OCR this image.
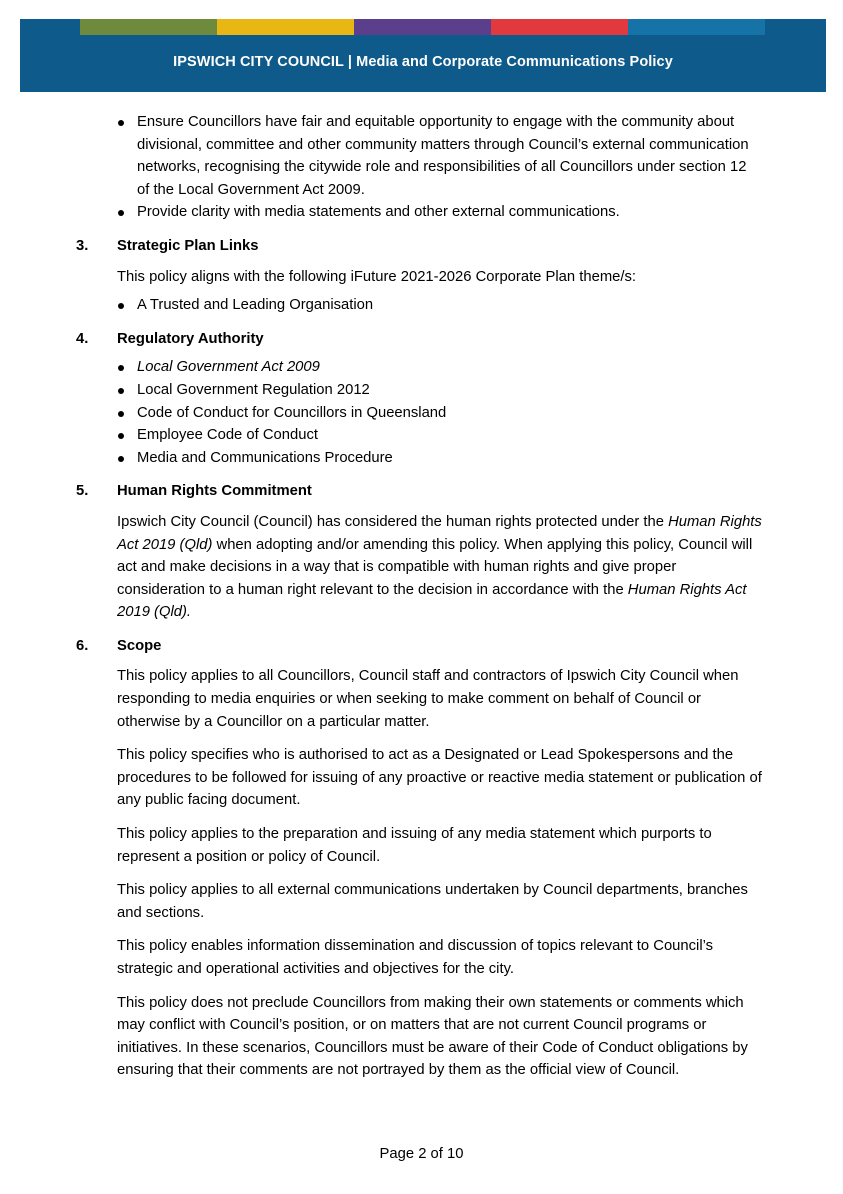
IPSWICH CITY COUNCIL | Media and Corporate Communications Policy
Ensure Councillors have fair and equitable opportunity to engage with the community about divisional, committee and other community matters through Council’s external communication networks, recognising the citywide role and responsibilities of all Councillors under section 12 of the Local Government Act 2009.
Provide clarity with media statements and other external communications.
3. Strategic Plan Links
This policy aligns with the following iFuture 2021-2026 Corporate Plan theme/s:
A Trusted and Leading Organisation
4. Regulatory Authority
Local Government Act 2009
Local Government Regulation 2012
Code of Conduct for Councillors in Queensland
Employee Code of Conduct
Media and Communications Procedure
5. Human Rights Commitment
Ipswich City Council (Council) has considered the human rights protected under the Human Rights Act 2019 (Qld) when adopting and/or amending this policy. When applying this policy, Council will act and make decisions in a way that is compatible with human rights and give proper consideration to a human right relevant to the decision in accordance with the Human Rights Act 2019 (Qld).
6. Scope
This policy applies to all Councillors, Council staff and contractors of Ipswich City Council when responding to media enquiries or when seeking to make comment on behalf of Council or otherwise by a Councillor on a particular matter.
This policy specifies who is authorised to act as a Designated or Lead Spokespersons and the procedures to be followed for issuing of any proactive or reactive media statement or publication of any public facing document.
This policy applies to the preparation and issuing of any media statement which purports to represent a position or policy of Council.
This policy applies to all external communications undertaken by Council departments, branches and sections.
This policy enables information dissemination and discussion of topics relevant to Council’s strategic and operational activities and objectives for the city.
This policy does not preclude Councillors from making their own statements or comments which may conflict with Council’s position, or on matters that are not current Council programs or initiatives. In these scenarios, Councillors must be aware of their Code of Conduct obligations by ensuring that their comments are not portrayed by them as the official view of Council.
Page 2 of 10
